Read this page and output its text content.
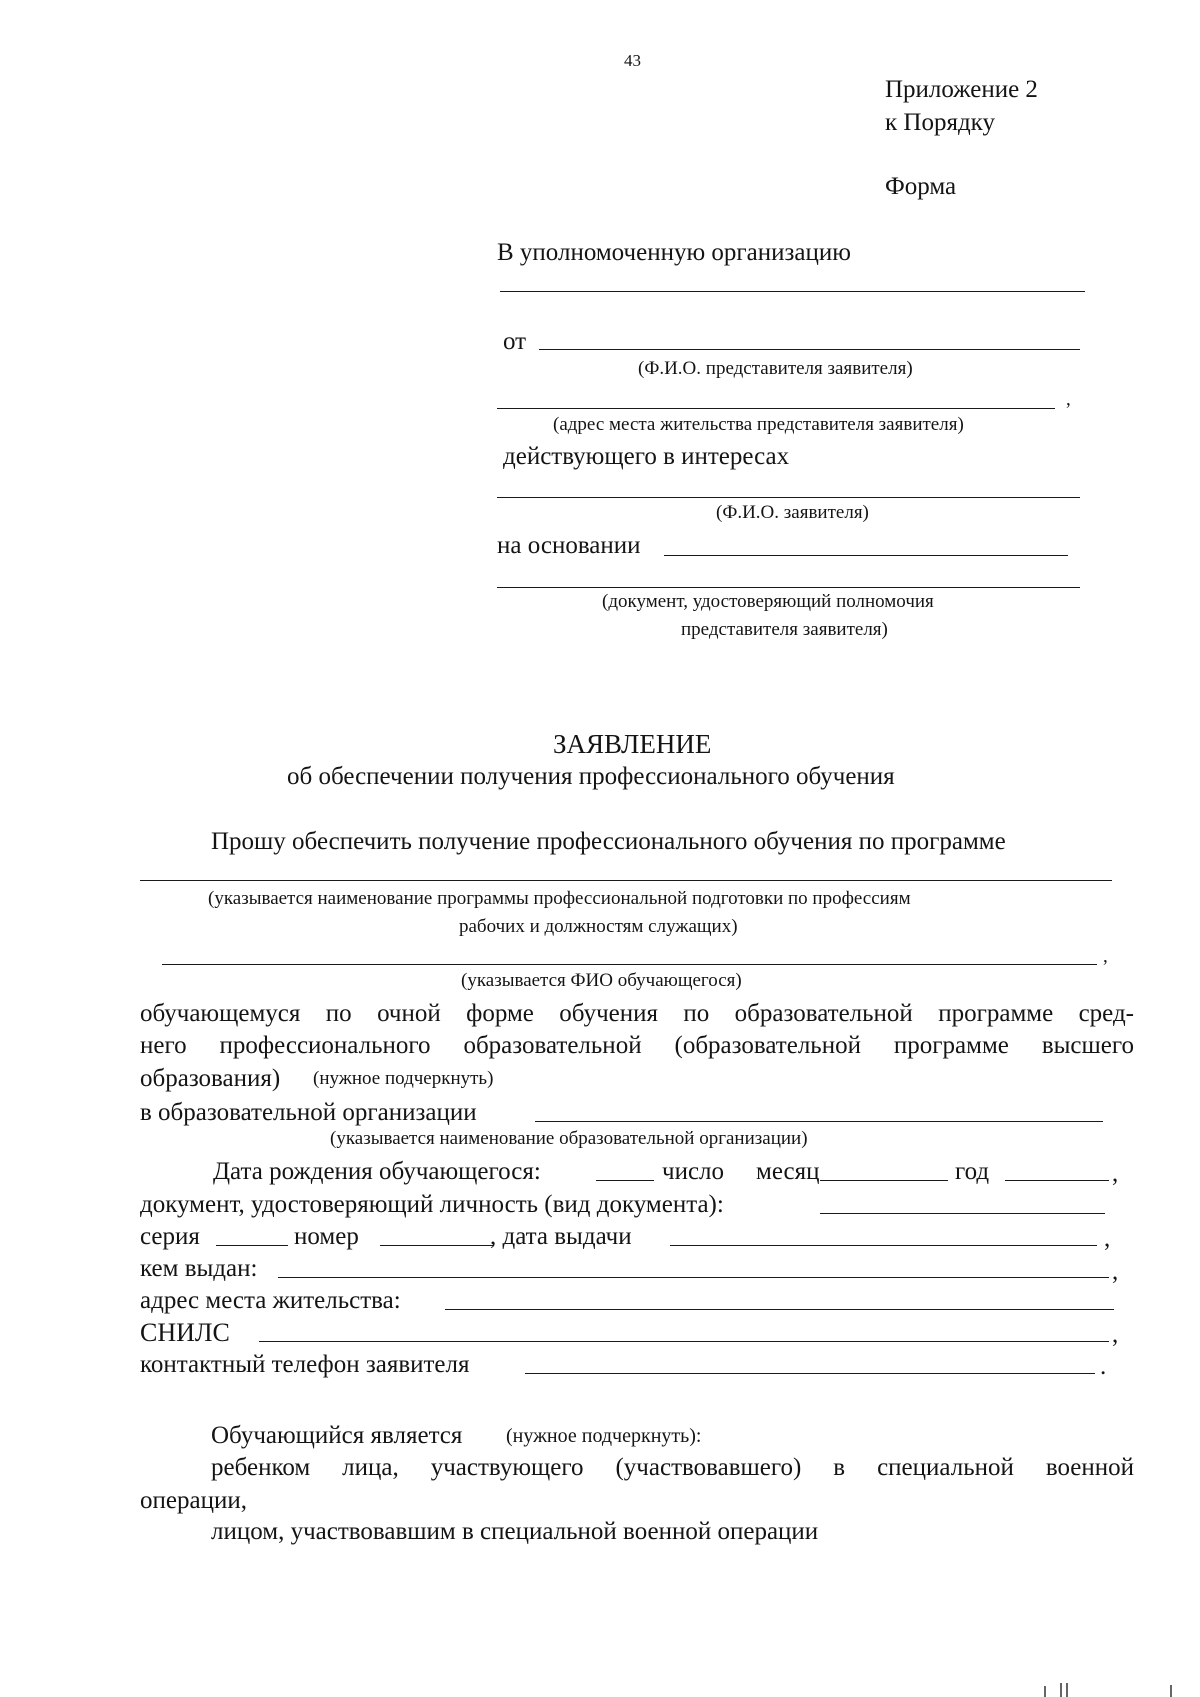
43
Приложение 2
к Порядку
Форма
В уполномоченную организацию
от
(Ф.И.О. представителя заявителя)
,
(адрес места жительства представителя заявителя)
действующего в интересах
(Ф.И.О. заявителя)
на основании
(документ, удостоверяющий полномочия
представителя заявителя)
ЗАЯВЛЕНИЕ
об обеспечении получения профессионального обучения
Прошу обеспечить получение профессионального обучения по программе
(указывается наименование программы профессиональной подготовки по профессиям
рабочих и должностям служащих)
,
(указывается ФИО обучающегося)
обучающемуся по очной форме обучения по образовательной программе сред-
него профессионального образовательной (образовательной программе высшего
образования) (нужное подчеркнуть)
в образовательной организации
(указывается наименование образовательной организации)
Дата рождения обучающегося:	число месяц	год	,
документ, удостоверяющий личность (вид документа):
серия	номер	, дата выдачи	,
кем выдан:	,
адрес места жительства:
СНИЛС	,
контактный телефон заявителя	.
Обучающийся является (нужное подчеркнуть):
ребенком лица, участвующего (участвовавшего) в специальной военной
операции,
лицом, участвовавшим в специальной военной операции
